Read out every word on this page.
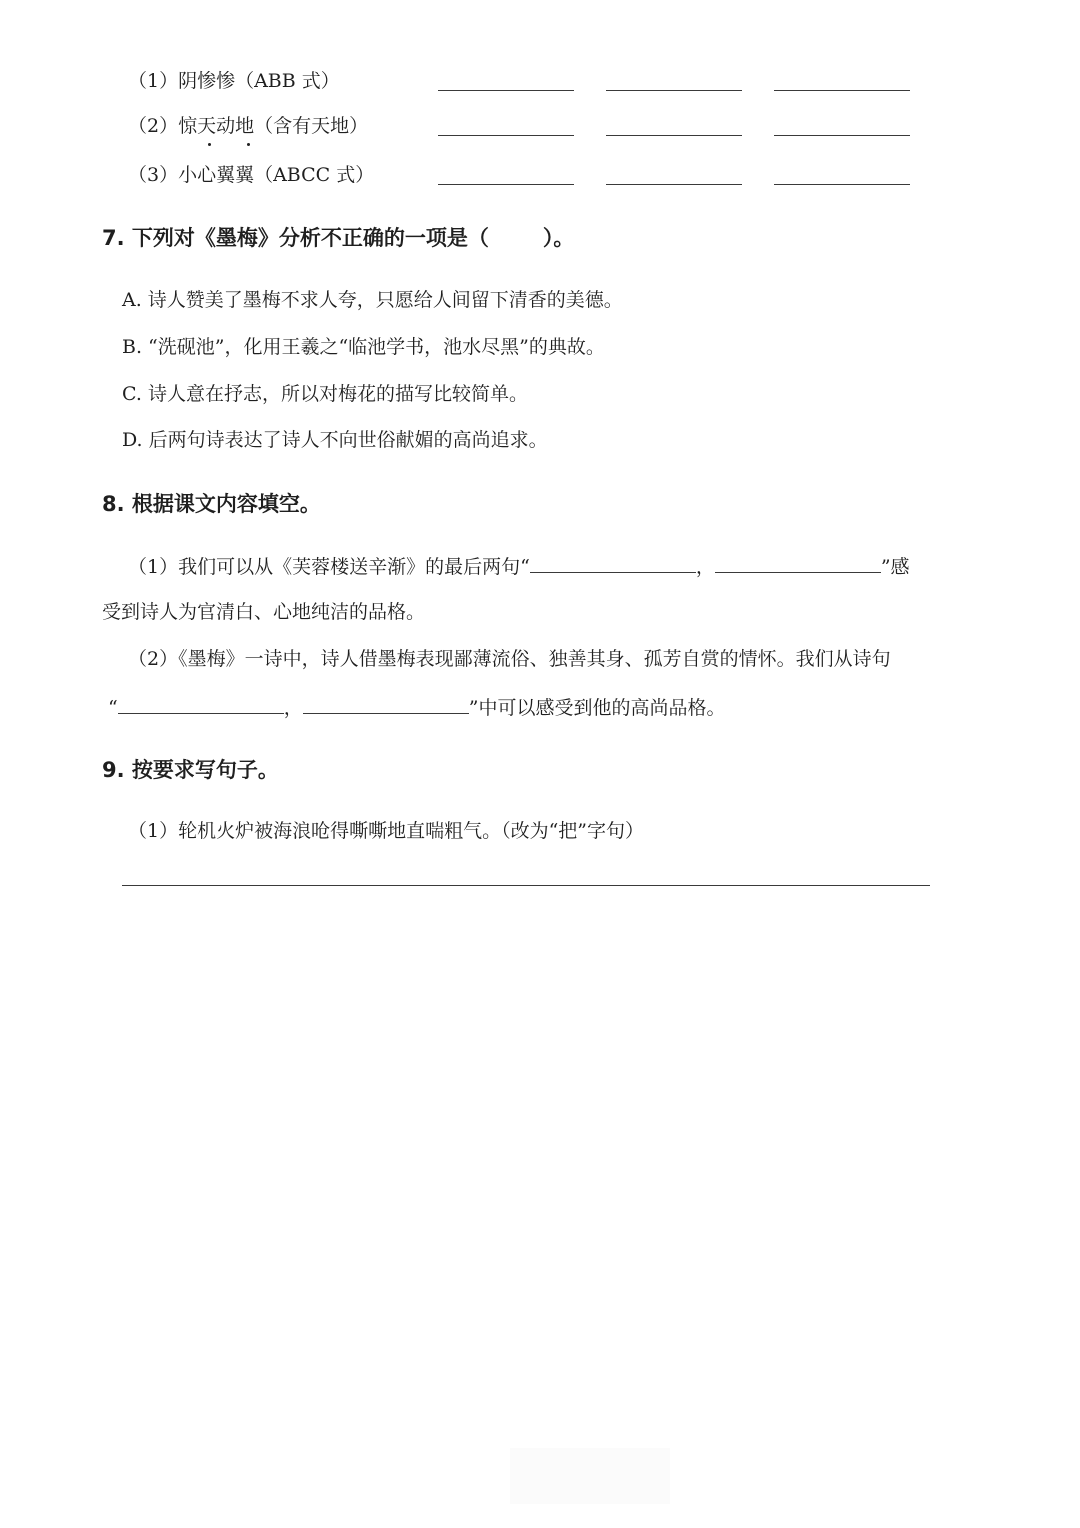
（1）阴惨惨（ABB 式）
（2）惊天动地（含有天地）
（3）小心翼翼（ABCC 式）
7. 下列对《墨梅》分析不正确的一项是（	）。
A. 诗人赞美了墨梅不求人夸，只愿给人间留下清香的美德。
B. “洗砚池”，化用王羲之“临池学书，池水尽黑”的典故。
C. 诗人意在抒志，所以对梅花的描写比较简单。
D. 后两句诗表达了诗人不向世俗献媚的高尚追求。
8. 根据课文内容填空。
（1）我们可以从《芙蓉楼送辛渐》的最后两句“	，	”感
受到诗人为官清白、心地纯洁的品格。
（2）《墨梅》一诗中，诗人借墨梅表现鄙薄流俗、独善其身、孤芳自赏的情怀。我们从诗句
“	，	”中可以感受到他的高尚品格。
9. 按要求写句子。
（1）轮机火炉被海浪呛得嘶嘶地直喘粗气。（改为“把”字句）
